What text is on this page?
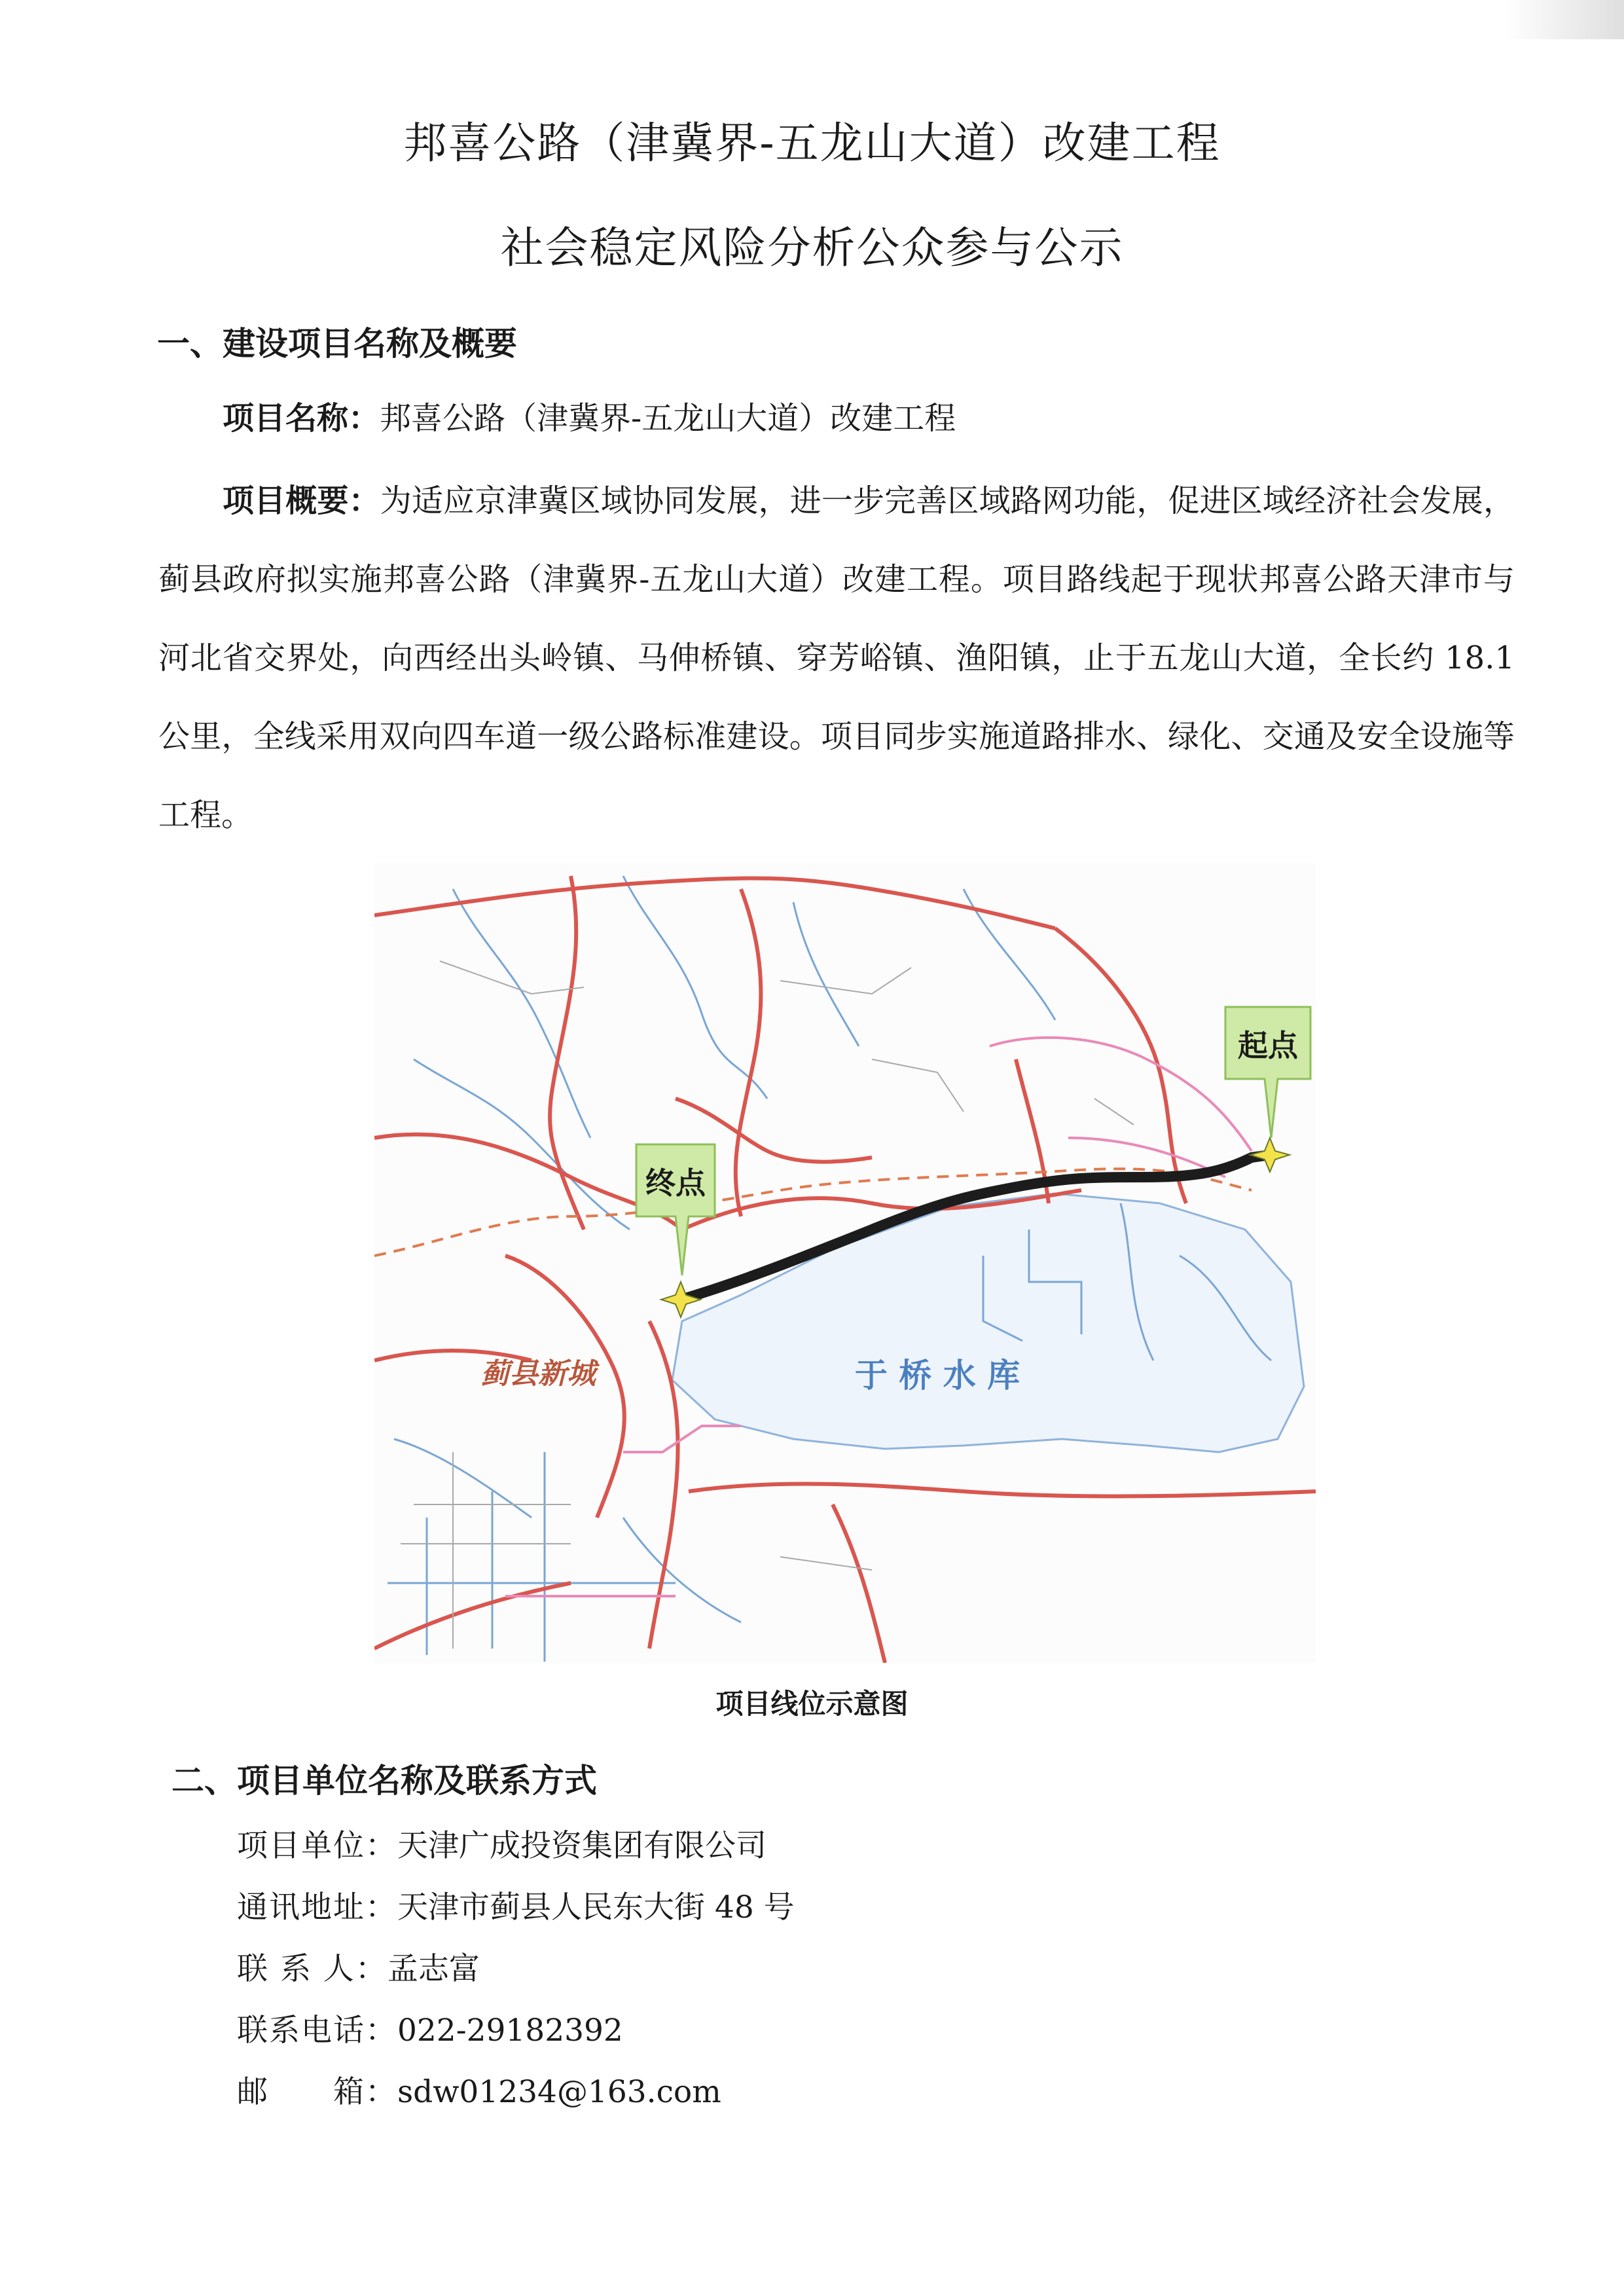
邦喜公路（津冀界-五龙山大道）改建工程
社会稳定风险分析公众参与公示
一、建设项目名称及概要
项目名称：邦喜公路（津冀界-五龙山大道）改建工程
项目概要：为适应京津冀区域协同发展，进一步完善区域路网功能，促进区域经济社会发展，蓟县政府拟实施邦喜公路（津冀界-五龙山大道）改建工程。项目路线起于现状邦喜公路天津市与河北省交界处，向西经出头岭镇、马伸桥镇、穿芳峪镇、渔阳镇，止于五龙山大道，全长约 18.1 公里，全线采用双向四车道一级公路标准建设。项目同步实施道路排水、绿化、交通及安全设施等工程。
终点
起点
于 桥 水 库
蓟县新城
项目线位示意图
二、项目单位名称及联系方式
项目单位：天津广成投资集团有限公司
通讯地址：天津市蓟县人民东大街 48 号
联 系 人：孟志富
联系电话：022-29182392
邮　　箱：sdw01234@163.com
